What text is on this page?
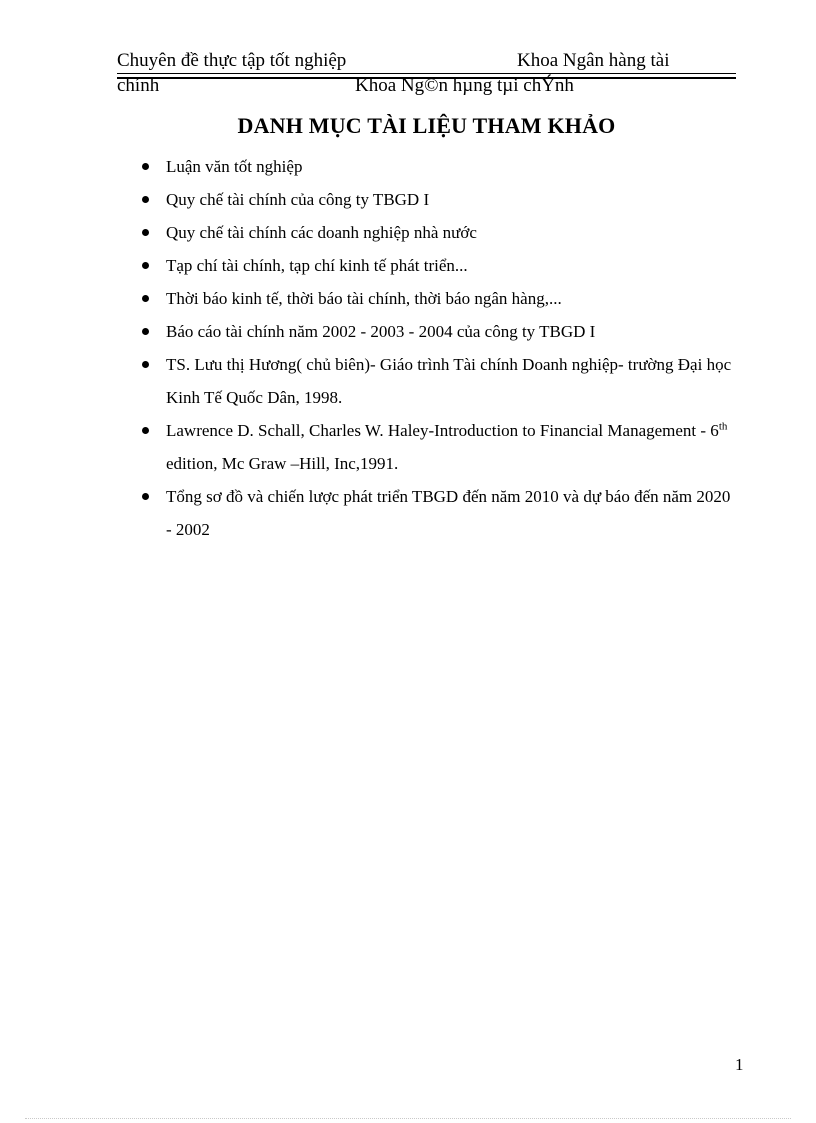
Chuyên đề thực tập tốt nghiệp	Khoa Ngân hàng tài
chính	Khoa Ng©n hµng tµi chÝnh
DANH MỤC TÀI LIỆU THAM KHẢO
Luận văn tốt nghiệp
Quy chế tài chính của công ty TBGD I
Quy chế tài chính các doanh nghiệp nhà nước
Tạp chí tài chính, tạp chí kinh tế phát triển...
Thời báo kinh tế, thời báo tài chính, thời báo ngân hàng,...
Báo cáo tài chính năm 2002 - 2003 - 2004 của công ty TBGD I
TS. Lưu thị Hương( chủ biên)- Giáo trình Tài chính Doanh nghiệp- trường Đại học Kinh Tế Quốc Dân, 1998.
Lawrence D. Schall, Charles W. Haley-Introduction to Financial Management - 6th edition, Mc Graw –Hill, Inc,1991.
Tổng sơ đồ và chiến lược phát triển TBGD đến năm 2010 và dự báo đến năm 2020 - 2002
1
